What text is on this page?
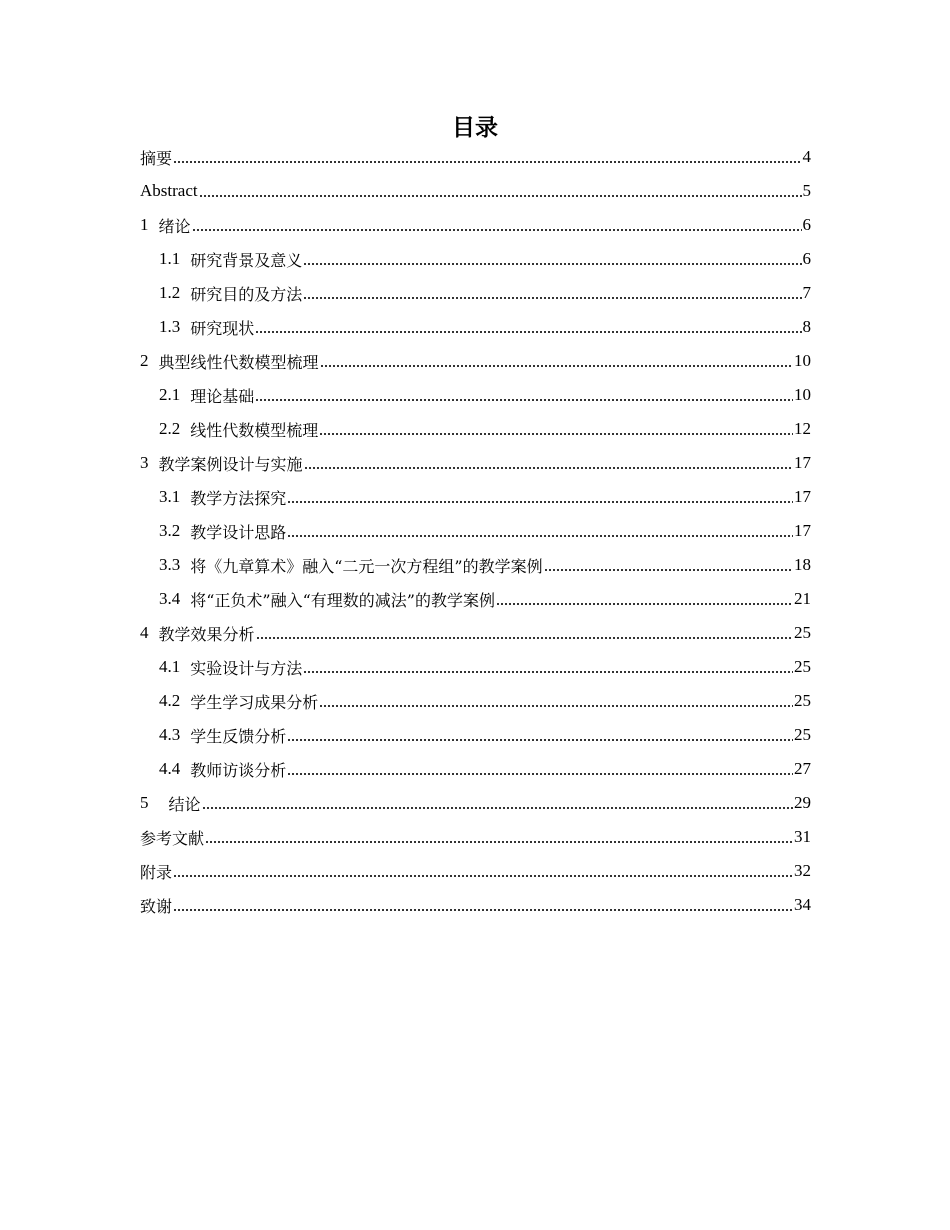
目录
摘要	4
Abstract	5
1 绪论	6
1.1 研究背景及意义	6
1.2 研究目的及方法	7
1.3 研究现状	8
2 典型线性代数模型梳理	10
2.1 理论基础	10
2.2 线性代数模型梳理	12
3 教学案例设计与实施	17
3.1 教学方法探究	17
3.2 教学设计思路	17
3.3 将《九章算术》融入“二元一次方程组”的教学案例	18
3.4 将“正负术”融入“有理数的减法”的教学案例	21
4 教学效果分析	25
4.1 实验设计与方法	25
4.2 学生学习成果分析	25
4.3 学生反馈分析	25
4.4 教师访谈分析	27
5 结论	29
参考文献	31
附录	32
致谢	34
